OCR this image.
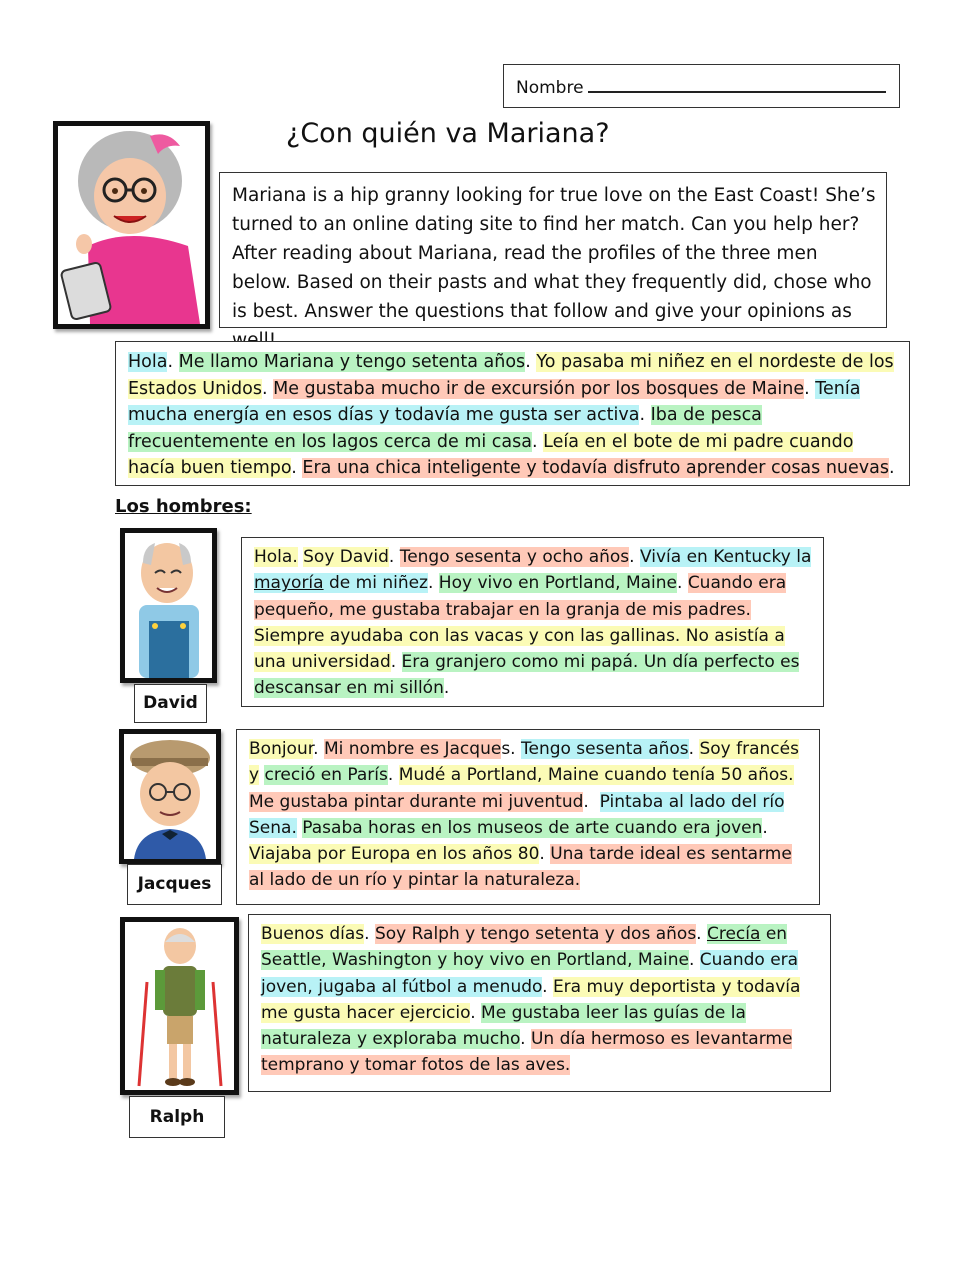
Nombre
¿Con quién va Mariana?
Mariana is a hip granny looking for true love on the East Coast! She’s turned to an online dating site to find her match. Can you help her? After reading about Mariana, read the profiles of the three men below. Based on their pasts and what they frequently did, chose who is best. Answer the questions that follow and give your opinions as
Hola. Me llamo Mariana y tengo setenta años. Yo pasaba mi niñez en el nordeste de los Estados Unidos. Me gustaba mucho ir de excursión por los bosques de Maine. Tenía mucha energía en esos días y todavía me gusta ser activa. Iba de pesca frecuentemente en los lagos cerca de mi casa. Leía en el bote de mi padre cuando hacía buen tiempo. Era una chica inteligente y todavía disfruto aprender cosas nuevas.
Los hombres:
David
Hola. Soy David. Tengo sesenta y ocho años. Vivía en Kentucky la mayoría de mi niñez. Hoy vivo en Portland, Maine. Cuando era pequeño, me gustaba trabajar en la granja de mis padres. Siempre ayudaba con las vacas y con las gallinas. No asistía a una universidad. Era granjero como mi papá. Un día perfecto es descansar en mi sillón.
Jacques
Bonjour. Mi nombre es Jacques. Tengo sesenta años. Soy francés y creció en París. Mudé a Portland, Maine cuando tenía 50 años. Me gustaba pintar durante mi juventud.  Pintaba al lado del río Sena. Pasaba horas en los museos de arte cuando era joven. Viajaba por Europa en los años 80. Una tarde ideal es sentarme al lado de un río y pintar la naturaleza.
Ralph
Buenos días. Soy Ralph y tengo setenta y dos años. Crecía en Seattle, Washington y hoy vivo en Portland, Maine. Cuando era joven, jugaba al fútbol a menudo. Era muy deportista y todavía me gusta hacer ejercicio. Me gustaba leer las guías de la naturaleza y exploraba mucho. Un día hermoso es levantarme temprano y tomar fotos de las aves.
